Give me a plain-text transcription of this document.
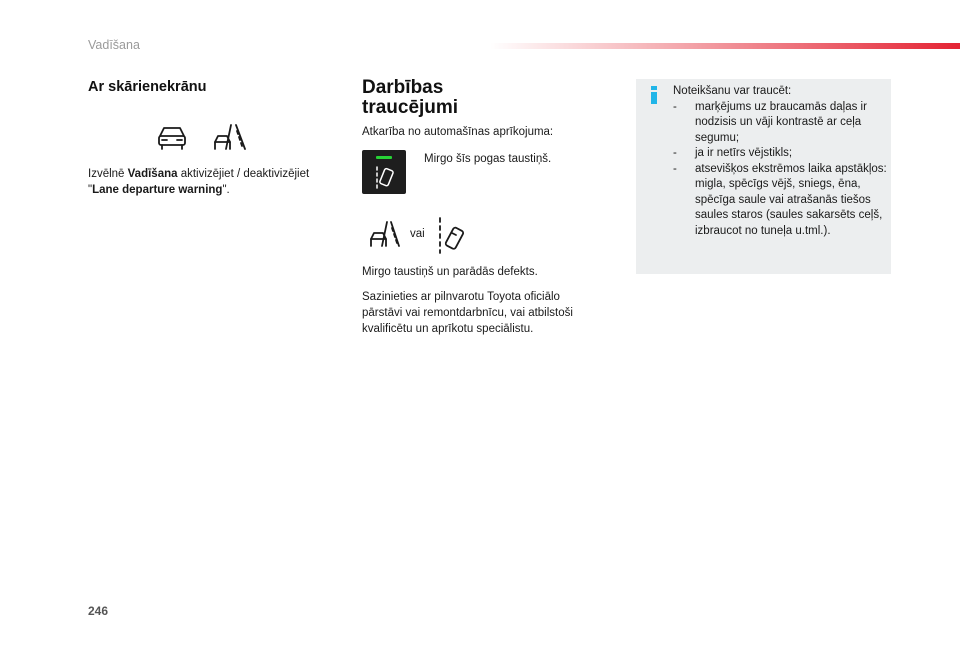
Vadīšana
Ar skārienekrānu
Izvēlnē Vadīšana aktivizējiet / deaktivizējiet "Lane departure warning".
Darbības
traucējumi
Atkarība no automašīnas aprīkojuma:
Mirgo šīs pogas taustiņš.
vai
Mirgo taustiņš un parādās defekts.
Sazinieties ar pilnvarotu Toyota oficiālo pārstāvi vai remontdarbnīcu, vai atbilstoši kvalificētu un aprīkotu speciālistu.
Noteikšanu var traucēt:
- marķējums uz braucamās daļas ir nodzisis un vāji kontrastē ar ceļa segumu;
- ja ir netīrs vējstikls;
- atsevišķos ekstrēmos laika apstākļos: migla, spēcīgs vējš, sniegs, ēna, spēcīga saule vai atrašanās tiešos saules staros (saules sakarsēts ceļš, izbraucot no tuneļa u.tml.).
246
